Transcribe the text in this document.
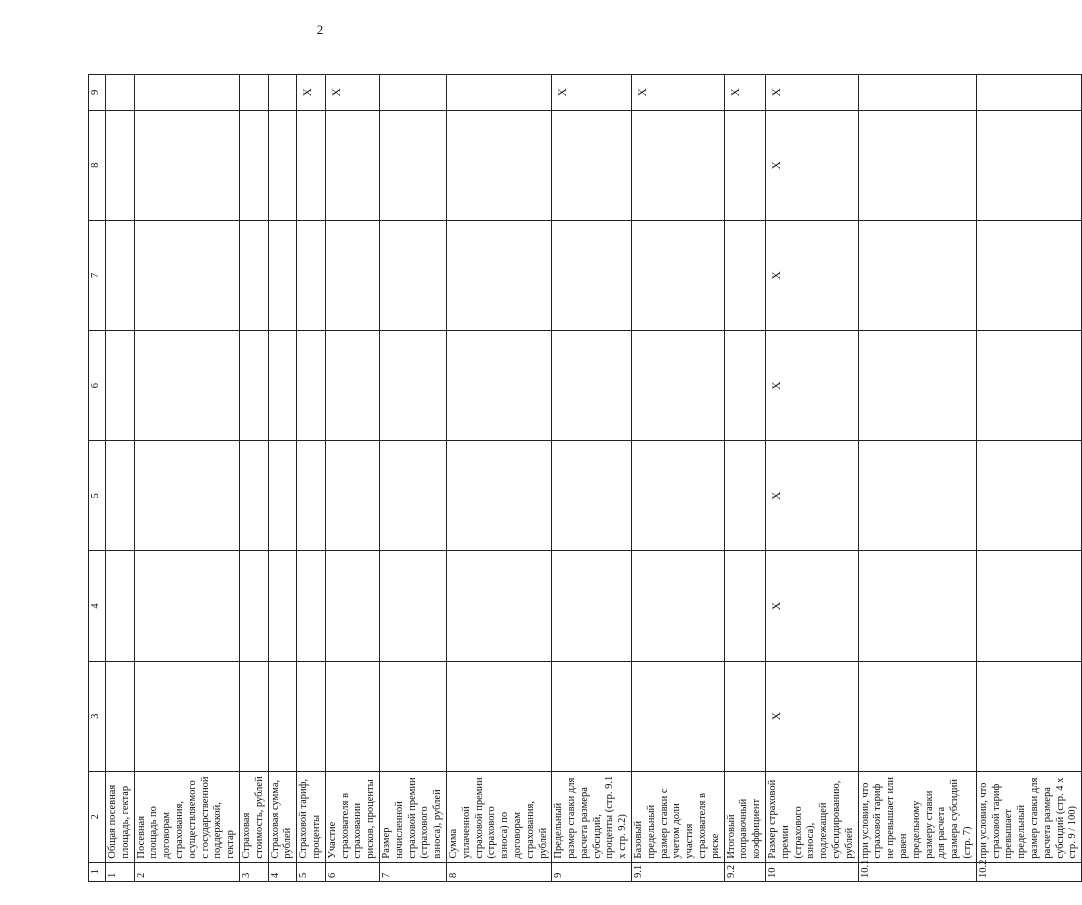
2
1	2	3	4	5	6	7	8	9
1	Общая посевная площадь, гектар							
2	Посевная площадь по договорам страхования, осуществляемого с государственной поддержкой, гектар							
3	Страховая стоимость, рублей							
4	Страховая сумма, рублей							
5	Страховой тариф, проценты							X
6	Участие страхователя в страховании рисков, проценты							X
7	Размер начисленной страховой премии (страхового взноса), рублей							
8	Сумма уплаченной страховой премии (страхового взноса) по договорам страхования, рублей							
9	Предельный размер ставки для расчета размера субсидий, проценты (стр. 9.1 х стр. 9.2)							X
9.1	Базовый предельный размер ставки с учетом доли участия страхователя в риске							X
9.2	Итоговый поправочный коэффициент							X
10	Размер страховой премии (страхового взноса), подлежащей субсидированию, рублей	X	X	X	X	X	X	X
10.1	при условии, что страховой тариф не превышает или равен предельному размеру ставки для расчета размера субсидий (стр. 7)							
10.2	при условии, что страховой тариф превышает предельный размер ставки для расчета размера субсидий (стр. 4 х стр. 9 / 100)							
